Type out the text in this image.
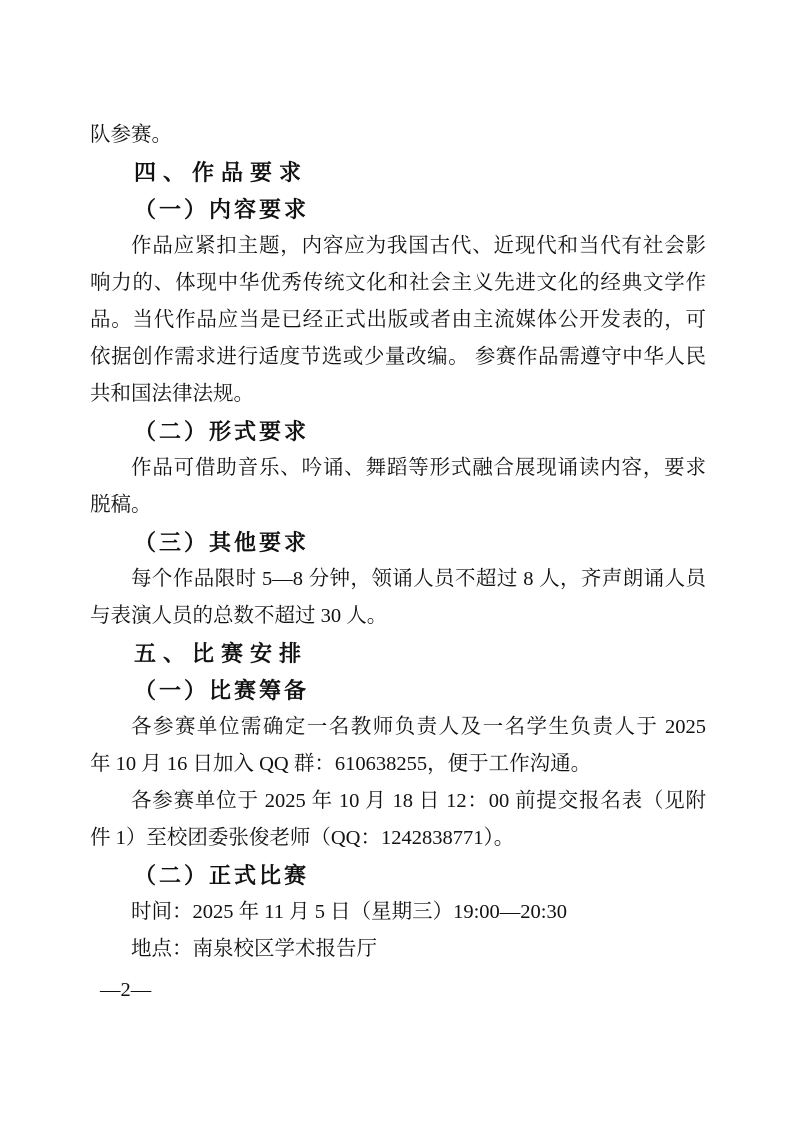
队参赛。
四、作品要求
（一）内容要求
作品应紧扣主题，内容应为我国古代、近现代和当代有社会影
响力的、体现中华优秀传统文化和社会主义先进文化的经典文学作
品。当代作品应当是已经正式出版或者由主流媒体公开发表的，可
依据创作需求进行适度节选或少量改编。 参赛作品需遵守中华人民
共和国法律法规。
（二）形式要求
作品可借助音乐、吟诵、舞蹈等形式融合展现诵读内容，要求
脱稿。
（三）其他要求
每个作品限时 5—8 分钟，领诵人员不超过 8 人，齐声朗诵人员
与表演人员的总数不超过 30 人。
五、比赛安排
（一）比赛筹备
各参赛单位需确定一名教师负责人及一名学生负责人于 2025
年 10 月 16 日加入 QQ 群：610638255，便于工作沟通。
各参赛单位于 2025 年 10 月 18 日 12：00 前提交报名表（见附
件 1）至校团委张俊老师（QQ：1242838771）。
（二）正式比赛
时间：2025 年 11 月 5 日（星期三）19:00—20:30
地点：南泉校区学术报告厅
—2—
